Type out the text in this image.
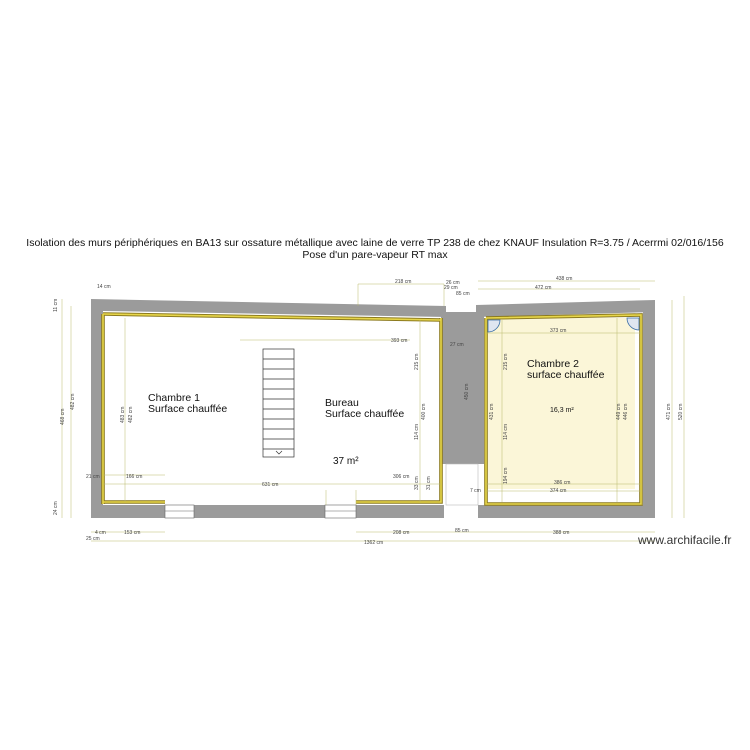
Isolation des murs périphériques en BA13 sur ossature métallique avec laine de verre TP 238 de chez KNAUF Insulation R=3.75 / Acerrmi 02/016/156
Pose d'un pare-vapeur RT max
Chambre 1
Surface chauffée	Bureau
Surface chauffée
Chambre 2
surface chauffée
16,3 m²
37 m²
218 cm	26 cm
29 cm
85 cm
438 cm
472 cm
373 cm
393 cm
14 cm
11 cm
468 cm
482 cm
483 cm 482 cm	471 cm 520 cm
449 cm 446 cm
631 cm
306 cm
166 cm
21 cm
24 cm
153 cm
4 cm
25 cm
208 cm	85 cm	388 cm
1362 cm
386 cm
374 cm
7 cm
215 cm
114 cm
450 cm
431 cm
215 cm
114 cm
194 cm
33 cm 31 cm
27 cm
400 cm
www.archifacile.fr
